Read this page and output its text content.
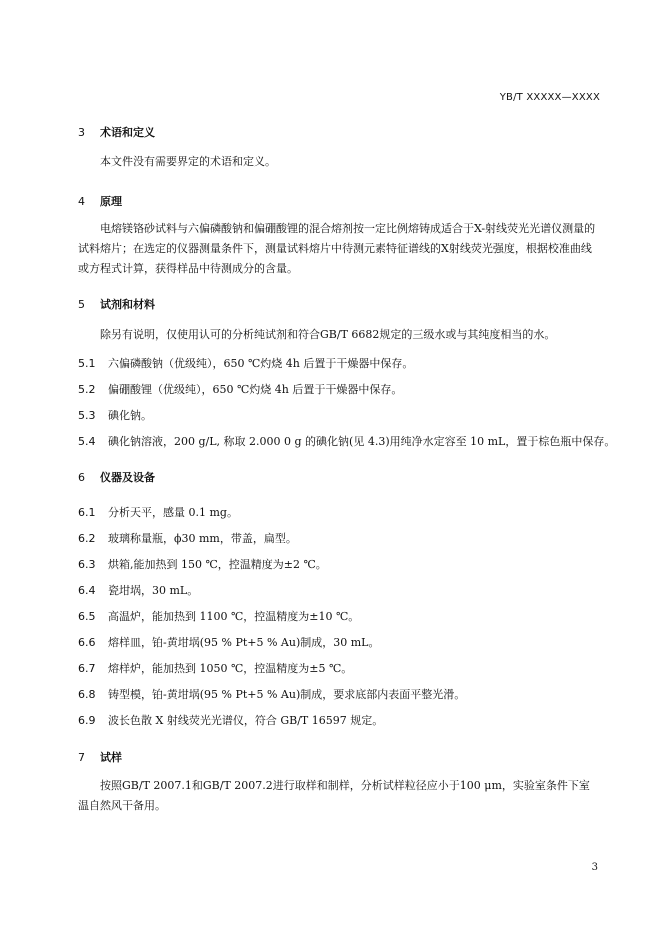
YB/T XXXXX—XXXX
3 术语和定义
本文件没有需要界定的术语和定义。
4 原理
电熔镁铬砂试料与六偏磷酸钠和偏硼酸锂的混合熔剂按一定比例熔铸成适合于X-射线荧光光谱仪测量的试料熔片；在选定的仪器测量条件下，测量试料熔片中待测元素特征谱线的X射线荧光强度，根据校准曲线或方程式计算，获得样品中待测成分的含量。
5 试剂和材料
除另有说明，仅使用认可的分析纯试剂和符合GB/T 6682规定的三级水或与其纯度相当的水。
5.1 六偏磷酸钠（优级纯），650 ℃灼烧 4h 后置于干燥器中保存。
5.2 偏硼酸锂（优级纯），650 ℃灼烧 4h 后置于干燥器中保存。
5.3 碘化钠。
5.4 碘化钠溶液，200 g/L, 称取 2.000 0 g 的碘化钠(见 4.3)用纯净水定容至 10 mL，置于棕色瓶中保存。
6 仪器及设备
6.1 分析天平，感量 0.1 mg。
6.2 玻璃称量瓶，ϕ30 mm，带盖，扁型。
6.3 烘箱,能加热到 150 ℃，控温精度为±2 ℃。
6.4 瓷坩埚，30 mL。
6.5 高温炉，能加热到 1100 ℃，控温精度为±10 ℃。
6.6 熔样皿，铂-黄坩埚(95 % Pt+5 % Au)制成，30 mL。
6.7 熔样炉，能加热到 1050 ℃，控温精度为±5 ℃。
6.8 铸型模，铂-黄坩埚(95 % Pt+5 % Au)制成，要求底部内表面平整光滑。
6.9 波长色散 X 射线荧光光谱仪，符合 GB/T 16597 规定。
7 试样
按照GB/T 2007.1和GB/T 2007.2进行取样和制样，分析试样粒径应小于100 μm，实验室条件下室温自然风干备用。
3
